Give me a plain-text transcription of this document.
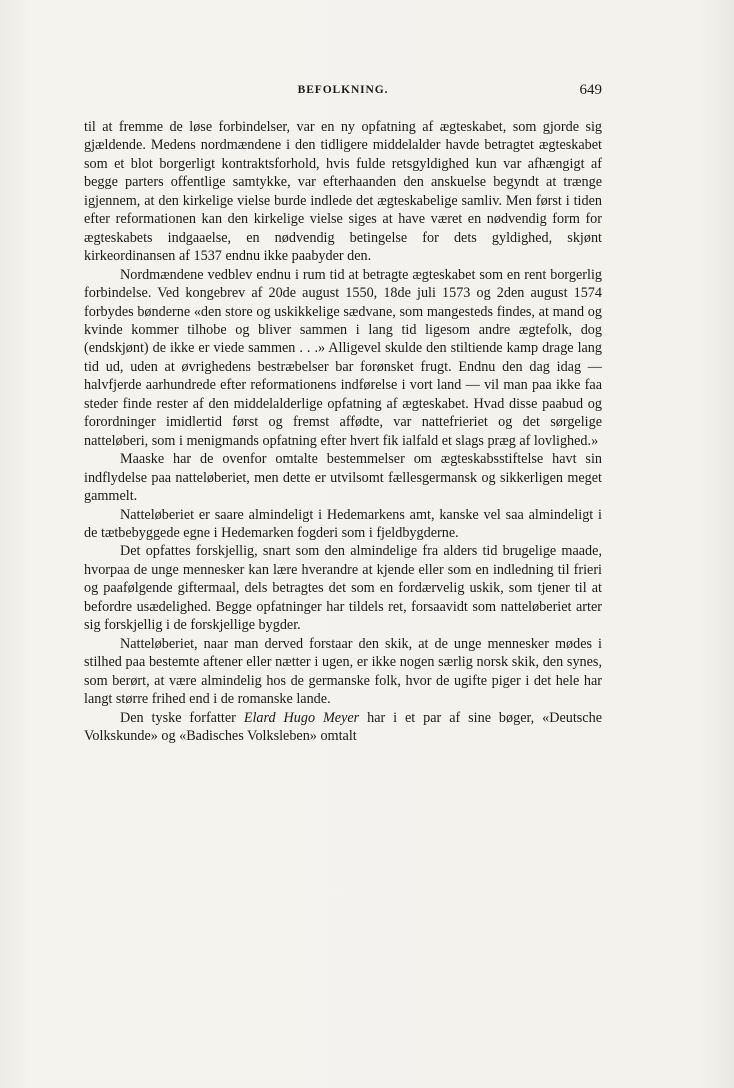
BEFOLKNING.	649

til at fremme de løse forbindelser, var en ny opfatning af ægteskabet, som gjorde sig gjældende. Medens nordmændene i den tidligere middelalder havde betragtet ægteskabet som et blot borgerligt kontraktsforhold, hvis fulde retsgyldighed kun var afhængigt af begge parters offentlige samtykke, var efterhaanden den anskuelse begyndt at trænge igjennem, at den kirkelige vielse burde indlede det ægteskabelige samliv. Men først i tiden efter reformationen kan den kirkelige vielse siges at have været en nødvendig form for ægteskabets indgaaelse, en nødvendig betingelse for dets gyldighed, skjønt kirkeordinansen af 1537 endnu ikke paabyder den.

Nordmændene vedblev endnu i rum tid at betragte ægteskabet som en rent borgerlig forbindelse. Ved kongebrev af 20de august 1550, 18de juli 1573 og 2den august 1574 forbydes bønderne «den store og uskikkelige sædvane, som mangesteds findes, at mand og kvinde kommer tilhobe og bliver sammen i lang tid ligesom andre ægtefolk, dog (endskjønt) de ikke er viede sammen . . .» Alligevel skulde den stiltiende kamp drage lang tid ud, uden at øvrighedens bestræbelser bar forønsket frugt. Endnu den dag idag — halvfjerde aarhundrede efter reformationens indførelse i vort land — vil man paa ikke faa steder finde rester af den middelalderlige opfatning af ægteskabet. Hvad disse paabud og forordninger imidlertid først og fremst affødte, var nattefrieriet og det sørgelige natteløberi, som i menigmands opfatning efter hvert fik ialfald et slags præg af lovlighed.»

Maaske har de ovenfor omtalte bestemmelser om ægteskabsstiftelse havt sin indflydelse paa natteløberiet, men dette er utvilsomt fællesgermansk og sikkerligen meget gammelt.

Natteløberiet er saare almindeligt i Hedemarkens amt, kanske vel saa almindeligt i de tætbebyggede egne i Hedemarken fogderi som i fjeldbygderne.

Det opfattes forskjellig, snart som den almindelige fra alders tid brugelige maade, hvorpaa de unge mennesker kan lære hverandre at kjende eller som en indledning til frieri og paafølgende giftermaal, dels betragtes det som en fordærvelig uskik, som tjener til at befordre usædelighed. Begge opfatninger har tildels ret, forsaavidt som natteløberiet arter sig forskjellig i de forskjellige bygder.

Natteløberiet, naar man derved forstaar den skik, at de unge mennesker mødes i stilhed paa bestemte aftener eller nætter i ugen, er ikke nogen særlig norsk skik, den synes, som berørt, at være almindelig hos de germanske folk, hvor de ugifte piger i det hele har langt større frihed end i de romanske lande.

Den tyske forfatter Elard Hugo Meyer har i et par af sine bøger, «Deutsche Volkskunde» og «Badisches Volksleben» omtalt
